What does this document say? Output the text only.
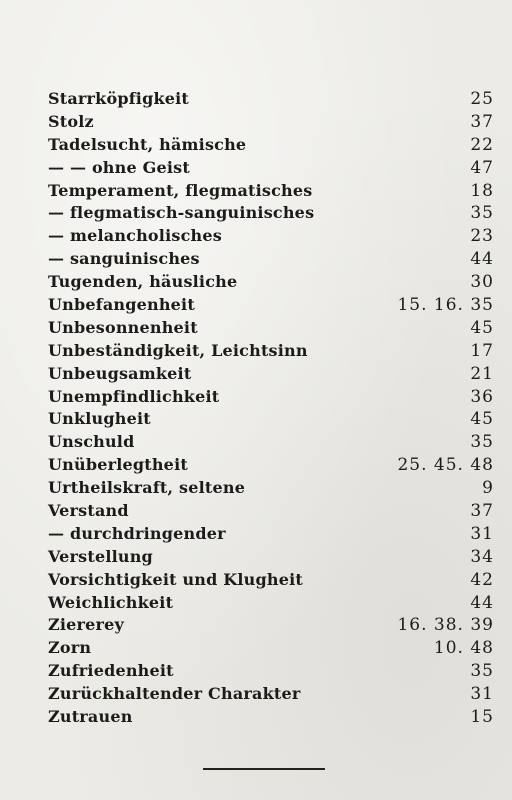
Starrköpfigkeit	25
Stolz	37
Tadelsucht, hämische	22
— — ohne Geist	47
Temperament, flegmatisches	18
— flegmatisch-sanguinisches	35
— melancholisches	23
— sanguinisches	44
Tugenden, häusliche	30
Unbefangenheit	15. 16. 35
Unbesonnenheit	45
Unbeständigkeit, Leichtsinn	17
Unbeugsamkeit	21
Unempfindlichkeit	36
Unklugheit	45
Unschuld	35
Unüberlegtheit	25. 45. 48
Urtheilskraft, seltene	9
Verstand	37
— durchdringender	31
Verstellung	34
Vorsichtigkeit und Klugheit	42
Weichlichkeit	44
Ziererey	16. 38. 39
Zorn	10. 48
Zufriedenheit	35
Zurückhaltender Charakter	31
Zutrauen	15
